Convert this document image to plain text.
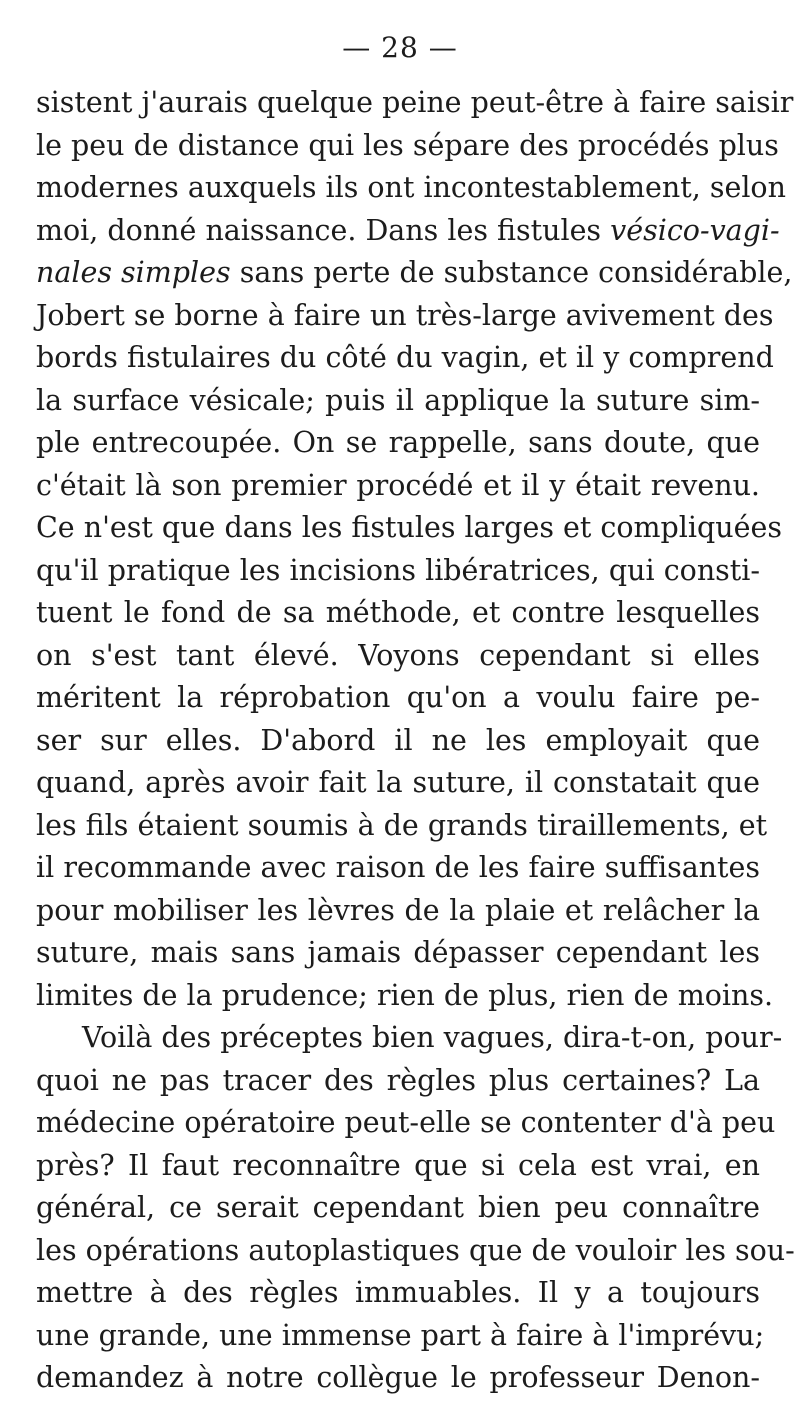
— 28 —
sistent j'aurais quelque peine peut-être à faire saisir
le peu de distance qui les sépare des procédés plus
modernes auxquels ils ont incontestablement, selon
moi, donné naissance. Dans les fistules vésico-vagi-
nales simples sans perte de substance considérable,
Jobert se borne à faire un très-large avivement des
bords fistulaires du côté du vagin, et il y comprend
la surface vésicale; puis il applique la suture sim-
ple entrecoupée. On se rappelle, sans doute, que
c'était là son premier procédé et il y était revenu.
Ce n'est que dans les fistules larges et compliquées
qu'il pratique les incisions libératrices, qui consti-
tuent le fond de sa méthode, et contre lesquelles
on s'est tant élevé. Voyons cependant si elles
méritent la réprobation qu'on a voulu faire pe-
ser sur elles. D'abord il ne les employait que
quand, après avoir fait la suture, il constatait que
les fils étaient soumis à de grands tiraillements, et
il recommande avec raison de les faire suffisantes
pour mobiliser les lèvres de la plaie et relâcher la
suture, mais sans jamais dépasser cependant les
limites de la prudence; rien de plus, rien de moins.
Voilà des préceptes bien vagues, dira-t-on, pour-
quoi ne pas tracer des règles plus certaines? La
médecine opératoire peut-elle se contenter d'à peu
près? Il faut reconnaître que si cela est vrai, en
général, ce serait cependant bien peu connaître
les opérations autoplastiques que de vouloir les sou-
mettre à des règles immuables. Il y a toujours
une grande, une immense part à faire à l'imprévu;
demandez à notre collègue le professeur Denon-
